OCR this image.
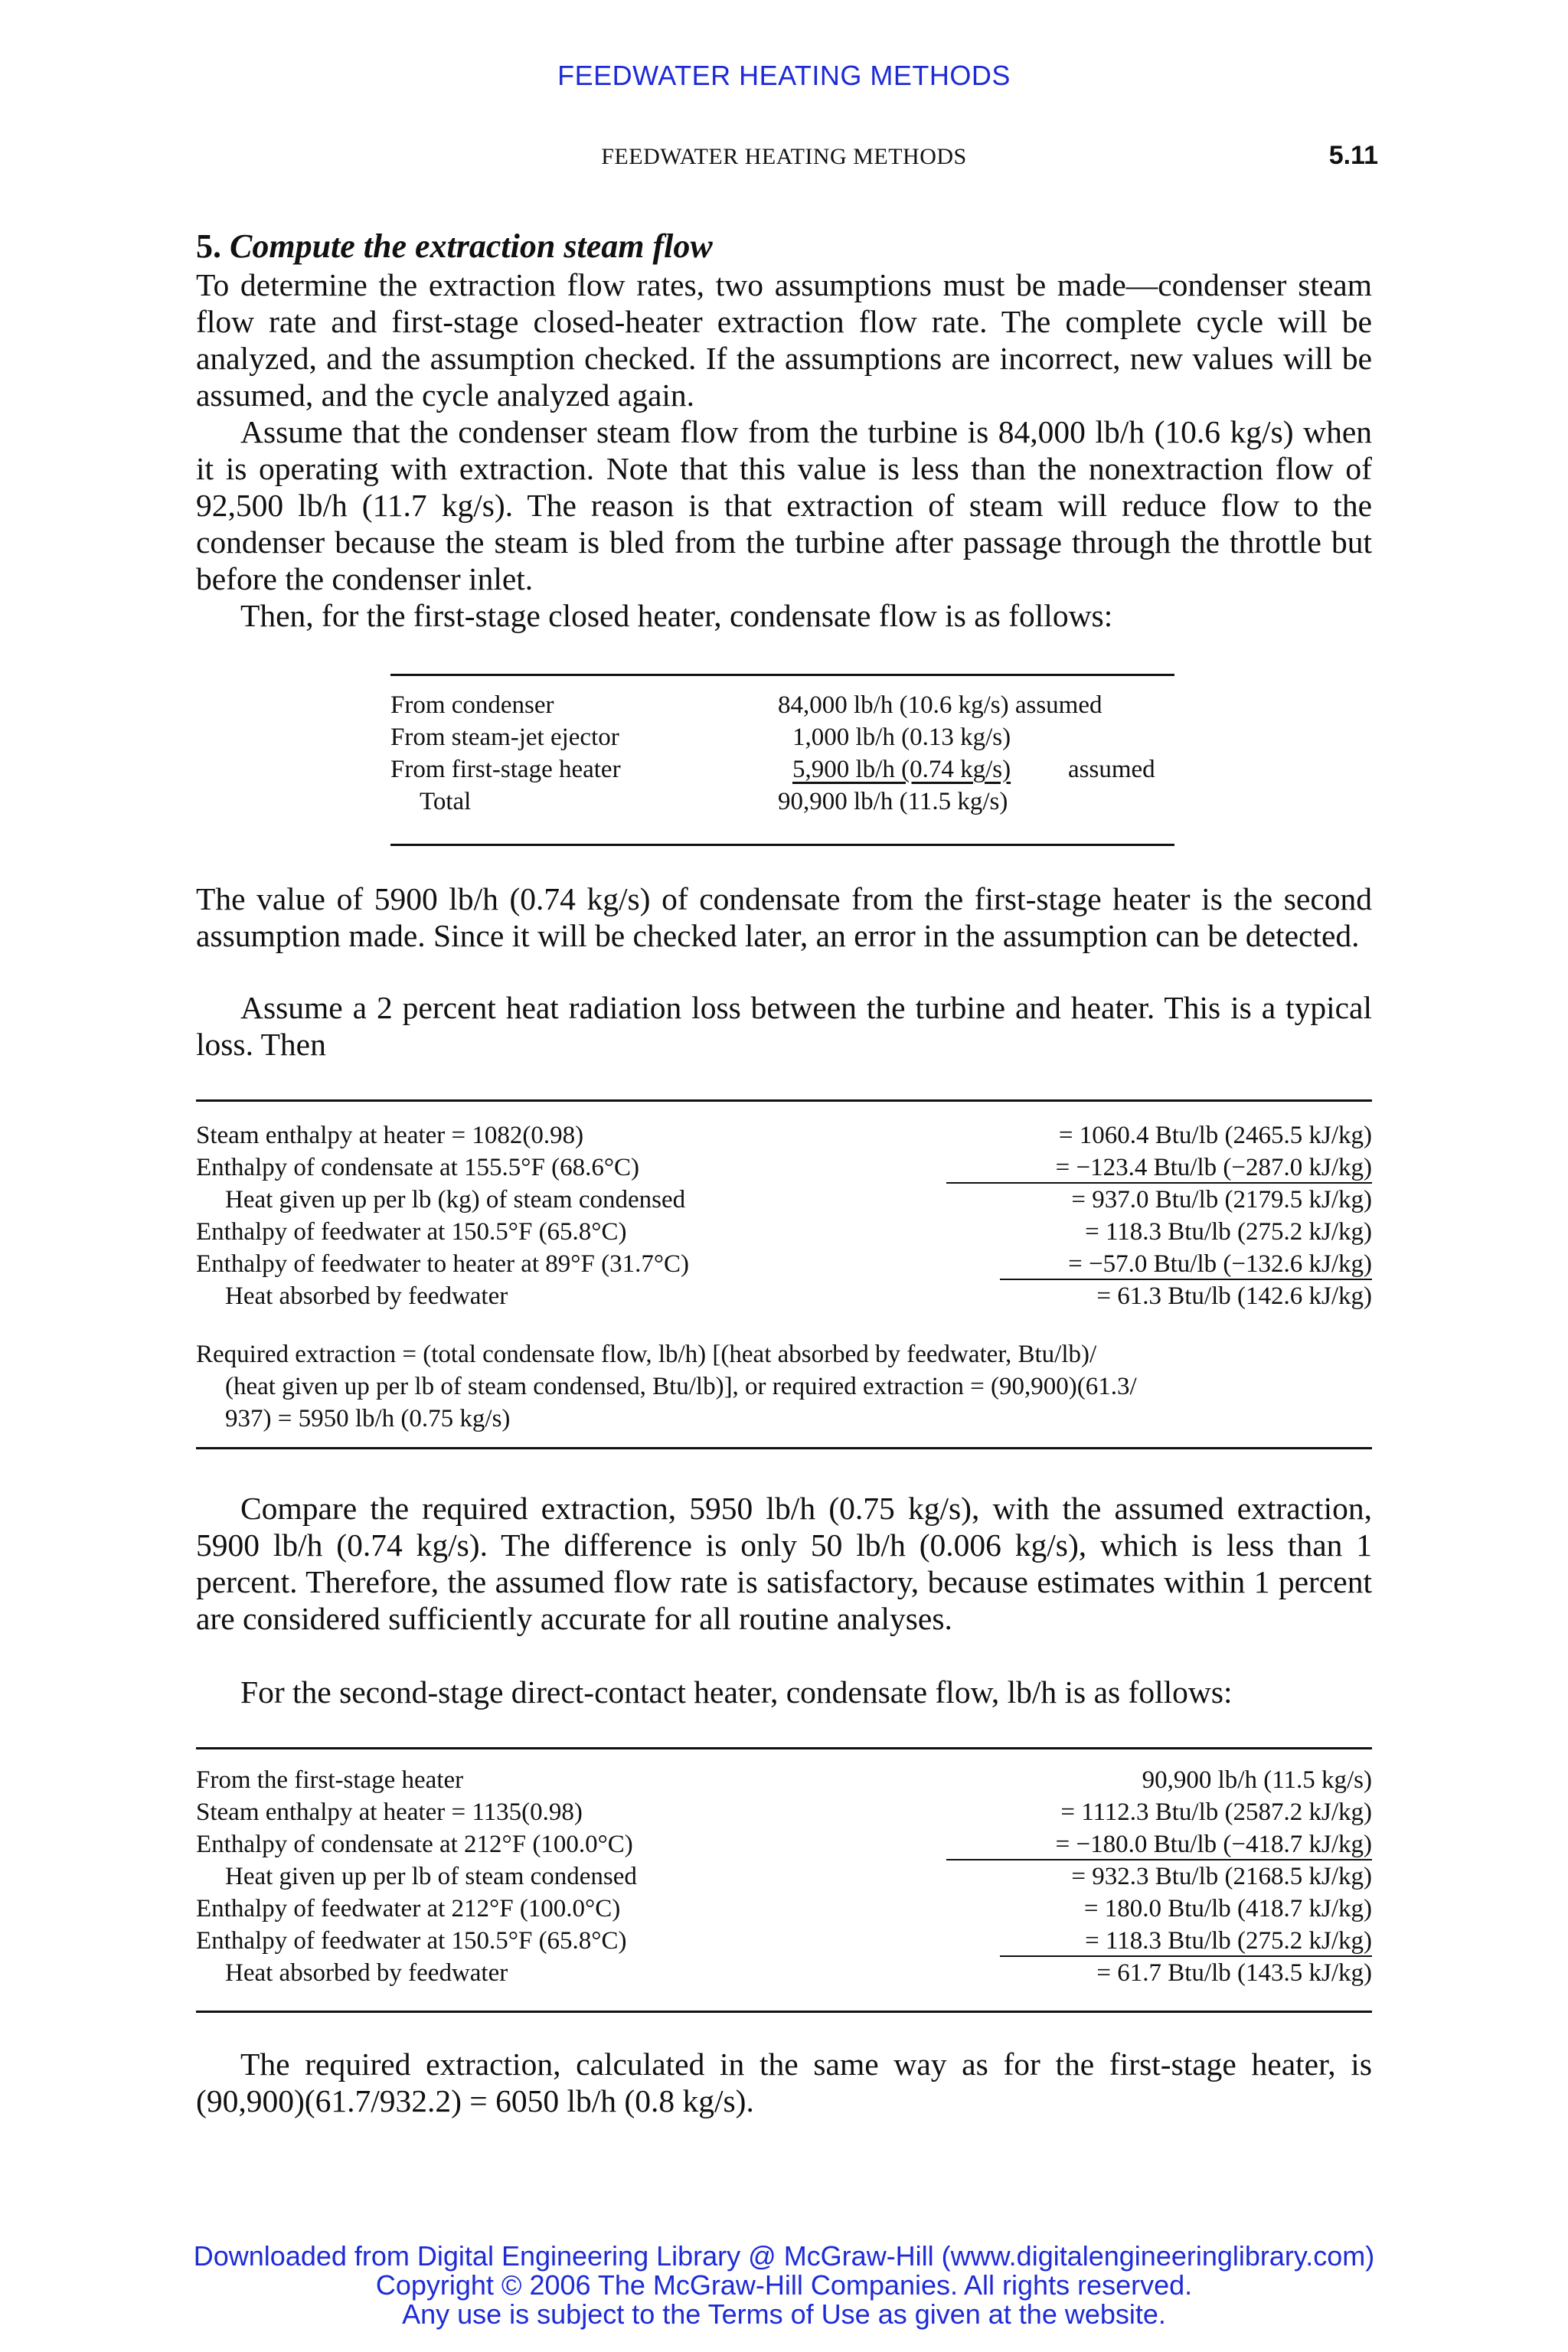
FEEDWATER HEATING METHODS
FEEDWATER HEATING METHODS	5.11
5. Compute the extraction steam flow
To determine the extraction flow rates, two assumptions must be made—condenser steam flow rate and first-stage closed-heater extraction flow rate. The complete cycle will be analyzed, and the assumption checked. If the assumptions are incorrect, new values will be assumed, and the cycle analyzed again.
Assume that the condenser steam flow from the turbine is 84,000 lb/h (10.6 kg/s) when it is operating with extraction. Note that this value is less than the nonextraction flow of 92,500 lb/h (11.7 kg/s). The reason is that extraction of steam will reduce flow to the condenser because the steam is bled from the turbine after passage through the throttle but before the condenser inlet.
Then, for the first-stage closed heater, condensate flow is as follows:
From condenser	84,000 lb/h (10.6 kg/s) assumed
From steam-jet ejector	1,000 lb/h (0.13 kg/s)
From first-stage heater	5,900 lb/h (0.74 kg/s) assumed
Total	90,900 lb/h (11.5 kg/s)
The value of 5900 lb/h (0.74 kg/s) of condensate from the first-stage heater is the second assumption made. Since it will be checked later, an error in the assumption can be detected.
Assume a 2 percent heat radiation loss between the turbine and heater. This is a typical loss. Then
Steam enthalpy at heater = 1082(0.98)	= 1060.4 Btu/lb (2465.5 kJ/kg)
Enthalpy of condensate at 155.5°F (68.6°C)	= −123.4 Btu/lb (−287.0 kJ/kg)
Heat given up per lb (kg) of steam condensed	= 937.0 Btu/lb (2179.5 kJ/kg)
Enthalpy of feedwater at 150.5°F (65.8°C)	= 118.3 Btu/lb (275.2 kJ/kg)
Enthalpy of feedwater to heater at 89°F (31.7°C)	= −57.0 Btu/lb (−132.6 kJ/kg)
Heat absorbed by feedwater	= 61.3 Btu/lb (142.6 kJ/kg)
Required extraction = (total condensate flow, lb/h) [(heat absorbed by feedwater, Btu/lb)/
(heat given up per lb of steam condensed, Btu/lb)], or required extraction = (90,900)(61.3/
937) = 5950 lb/h (0.75 kg/s)
Compare the required extraction, 5950 lb/h (0.75 kg/s), with the assumed extraction, 5900 lb/h (0.74 kg/s). The difference is only 50 lb/h (0.006 kg/s), which is less than 1 percent. Therefore, the assumed flow rate is satisfactory, because estimates within 1 percent are considered sufficiently accurate for all routine analyses.
For the second-stage direct-contact heater, condensate flow, lb/h is as follows:
From the first-stage heater	90,900 lb/h (11.5 kg/s)
Steam enthalpy at heater = 1135(0.98)	= 1112.3 Btu/lb (2587.2 kJ/kg)
Enthalpy of condensate at 212°F (100.0°C)	= −180.0 Btu/lb (−418.7 kJ/kg)
Heat given up per lb of steam condensed	= 932.3 Btu/lb (2168.5 kJ/kg)
Enthalpy of feedwater at 212°F (100.0°C)	= 180.0 Btu/lb (418.7 kJ/kg)
Enthalpy of feedwater at 150.5°F (65.8°C)	= 118.3 Btu/lb (275.2 kJ/kg)
Heat absorbed by feedwater	= 61.7 Btu/lb (143.5 kJ/kg)
The required extraction, calculated in the same way as for the first-stage heater, is (90,900)(61.7/932.2) = 6050 lb/h (0.8 kg/s).
Downloaded from Digital Engineering Library @ McGraw-Hill (www.digitalengineeringlibrary.com)
Copyright © 2006 The McGraw-Hill Companies. All rights reserved.
Any use is subject to the Terms of Use as given at the website.
